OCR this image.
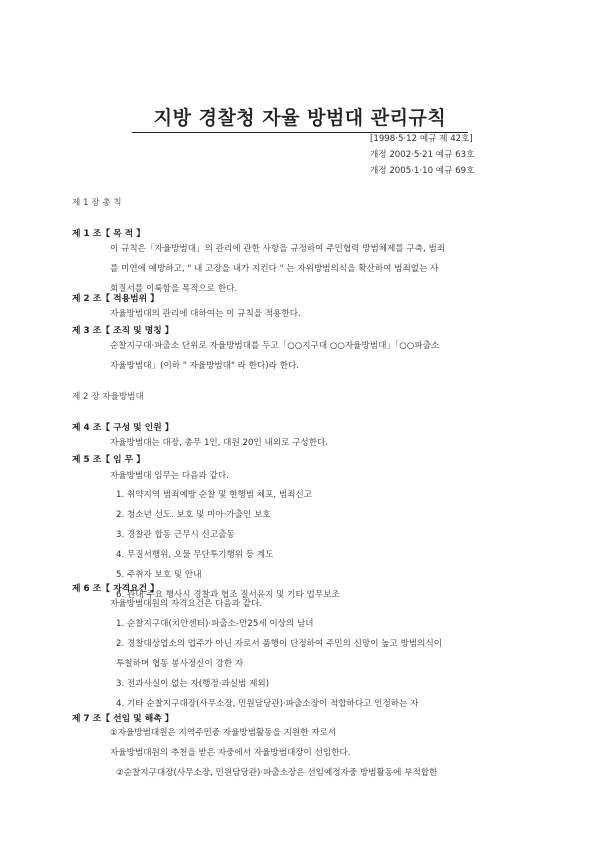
지방 경찰청 자율 방범대 관리규칙
[1998·5·12 예규 제 42호]
개정 2002·5·21 예규 63호
개정 2005·1·10 예규 69호
제 1 장 총 칙
제 1 조【 목 적 】
이 규칙은「자율방범대」의 관리에 관한 사항을 규정하여 주민협력 방범체제를 구축, 범죄
를 미연에 예방하고, " 내 고장을 내가 지킨다 " 는 자위방범의식을 확산하여 범죄없는 사
회질서를 이룩함을 목적으로 한다.
제 2 조【 적용범위 】
자율방범대의 관리에 대하여는 이 규칙을 적용한다.
제 3 조【 조직 및 명칭 】
순찰지구대·파출소 단위로 자율방범대를 두고「○○지구대 ○○자율방범대」「○○파출소
자율방범대」(이하 " 자율방범대" 라 한다)라 한다.
제 2 장 자율방범대
제 4 조【 구성 및 인원 】
자율방범대는 대장, 총무 1인, 대원 20인 내외로 구성한다.
제 5 조【 임 무 】
자율방범대 임무는 다음과 같다.
1. 취약지역 범죄예방 순찰 및 현행범 체포, 범죄신고
2. 청소년 선도. 보호 및 미아·가출인 보호
3. 경찰관 합동 근무시 신고출동
4. 무질서행위, 오물 무단투기행위 등 계도
5. 주취자 보호 및 안내
6. 관내 주요 행사시 경찰과 협조 질서유지 및 기타 업무보조
제 6 조【 자격요건 】
자율방범대원의 자격요건은 다음과 같다.
1. 순찰지구대(치안센터)·파출소-만25세 이상의 남녀
2. 경찰대상업소의 업주가 아닌 자로서 품행이 단정하여 주민의 신망이 높고 방범의식이
투철하며 협동 봉사정신이 강한 자
3. 전과사실이 없는 자(행정·과실범 제외)
4. 기타 순찰지구대장(사무소장, 민원담당관)·파출소장이 적합하다고 인정하는 자
제 7 조【 선임 및 해촉 】
①자율방범대원은 지역주민중 자율방범활동을 지원한 자로서
자율방범대원의 추천을 받은 자중에서 자율방범대장이 선임한다.
②순찰지구대장(사무소장, 민원담당관)·파출소장은 선임예정자중 방범활동에 부적합한
